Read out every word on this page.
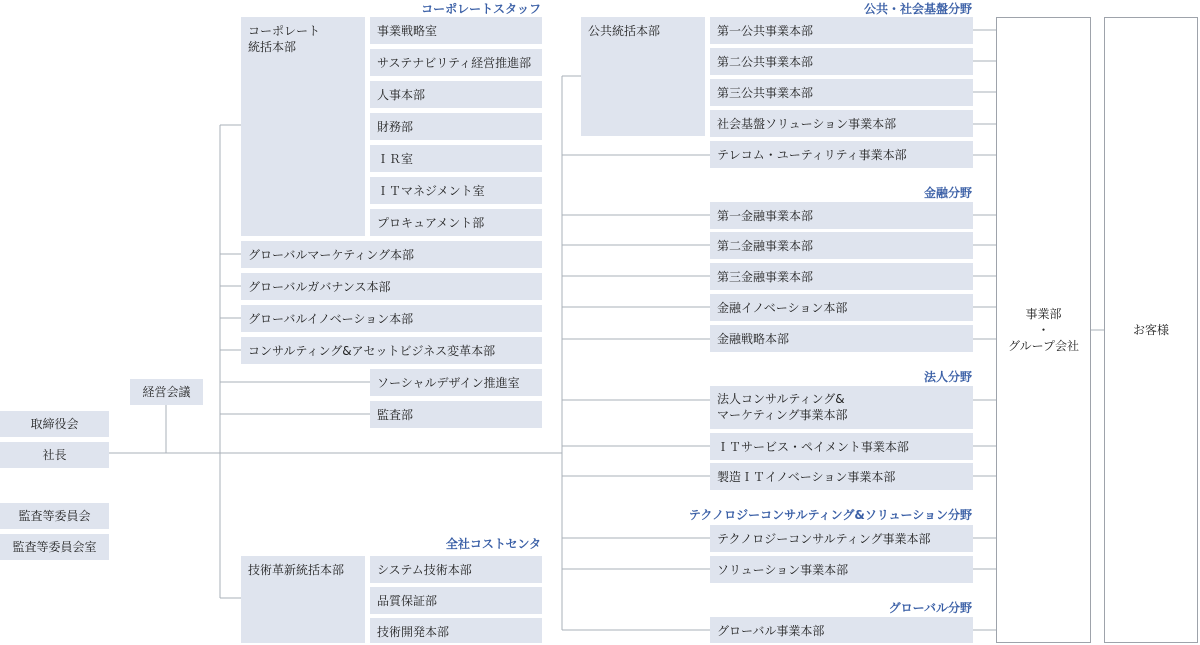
取締役会
社長
監査等委員会
監査等委員会室
経営会議
コーポレートスタッフ
コーポレート
統括本部
事業戦略室
サステナビリティ経営推進部
人事本部
財務部
ＩＲ室
ＩＴマネジメント室
プロキュアメント部
グローバルマーケティング本部
グローバルガバナンス本部
グローバルイノベーション本部
コンサルティング&アセットビジネス変革本部
ソーシャルデザイン推進室
監査部
全社コストセンタ
技術革新統括本部	システム技術本部
品質保証部
技術開発本部
公共・社会基盤分野
公共統括本部	第一公共事業本部
第二公共事業本部
第三公共事業本部
社会基盤ソリューション事業本部
テレコム・ユーティリティ事業本部
金融分野
第一金融事業本部
第二金融事業本部
第三金融事業本部
金融イノベーション本部
金融戦略本部
法人分野
法人コンサルティング&
マーケティング事業本部
ＩＴサービス・ペイメント事業本部
製造ＩＴイノベーション事業本部
テクノロジーコンサルティング&ソリューション分野
テクノロジーコンサルティング事業本部
ソリューション事業本部
グローバル分野
グローバル事業本部
事業部
・
グループ会社
お客様
